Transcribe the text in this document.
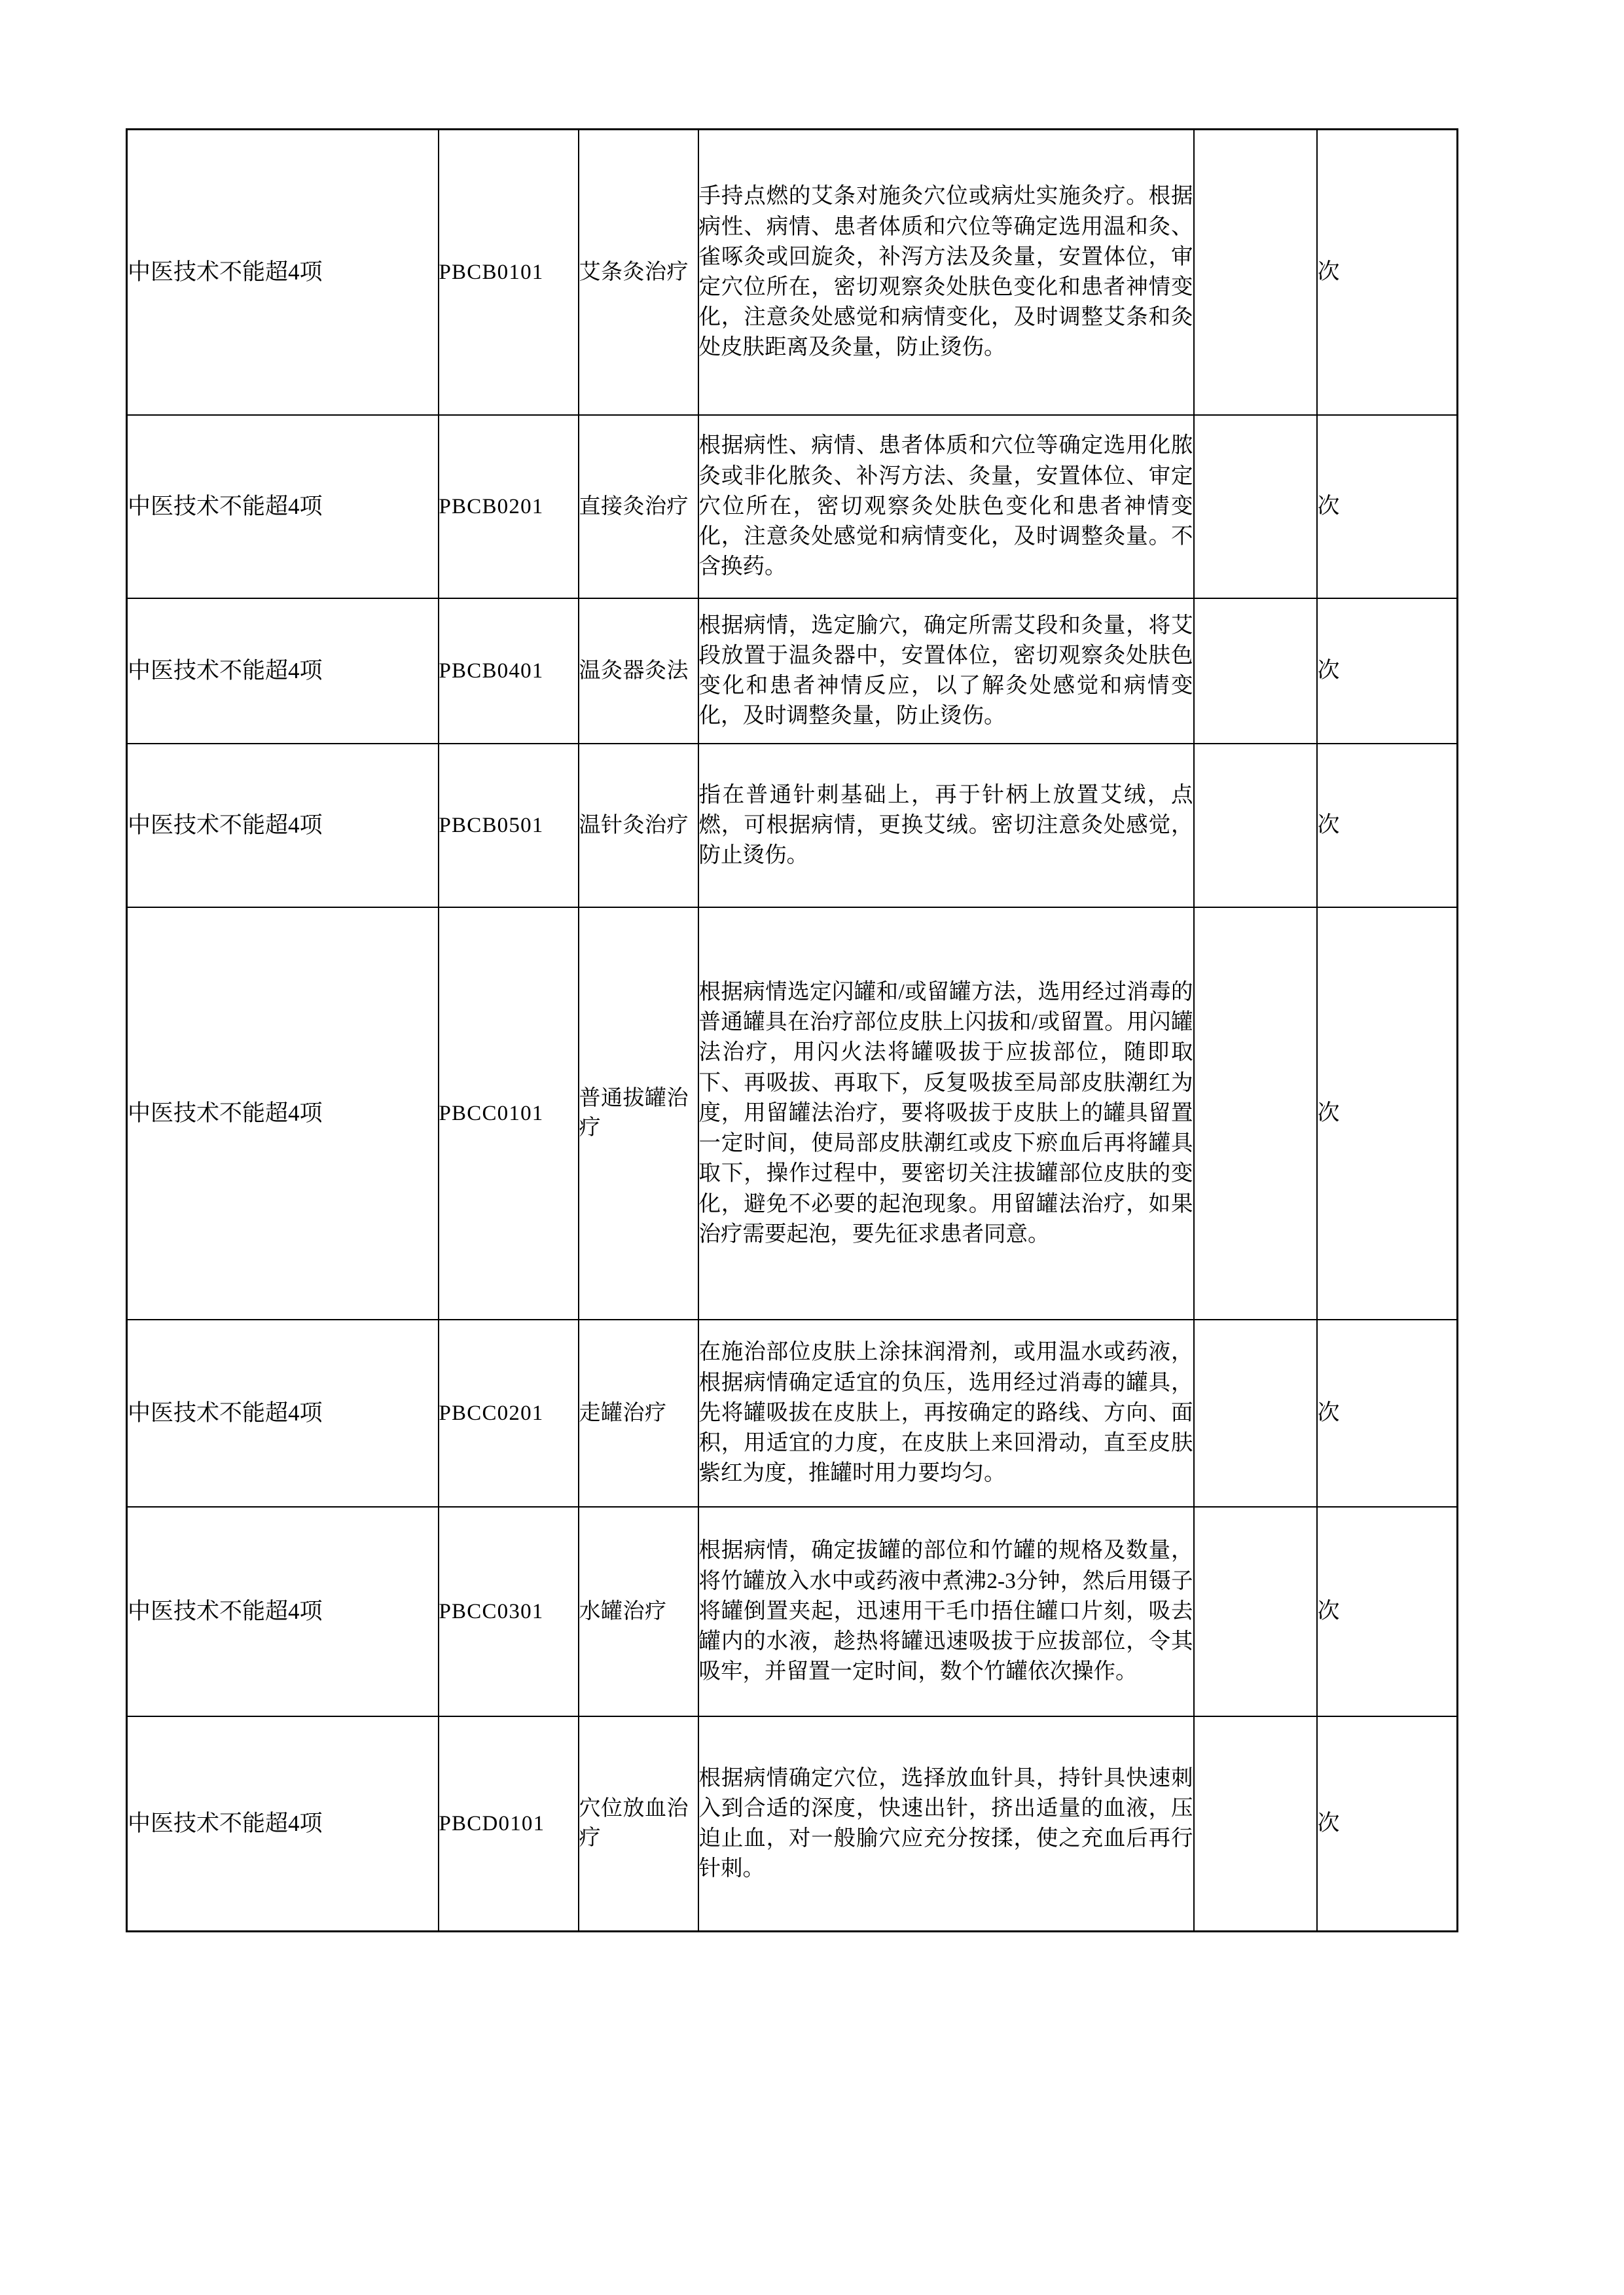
中医技术不能超4项	PBCB0101	艾条灸治疗	手持点燃的艾条对施灸穴位或病灶实施灸疗。根据病性、病情、患者体质和穴位等确定选用温和灸、雀啄灸或回旋灸，补泻方法及灸量，安置体位，审定穴位所在，密切观察灸处肤色变化和患者神情变化，注意灸处感觉和病情变化，及时调整艾条和灸处皮肤距离及灸量，防止烫伤。		次
中医技术不能超4项	PBCB0201	直接灸治疗	根据病性、病情、患者体质和穴位等确定选用化脓灸或非化脓灸、补泻方法、灸量，安置体位、审定穴位所在，密切观察灸处肤色变化和患者神情变化，注意灸处感觉和病情变化，及时调整灸量。不含换药。		次
中医技术不能超4项	PBCB0401	温灸器灸法	根据病情，选定腧穴，确定所需艾段和灸量，将艾段放置于温灸器中，安置体位，密切观察灸处肤色变化和患者神情反应，以了解灸处感觉和病情变化，及时调整灸量，防止烫伤。		次
中医技术不能超4项	PBCB0501	温针灸治疗	指在普通针刺基础上，再于针柄上放置艾绒，点燃，可根据病情，更换艾绒。密切注意灸处感觉，防止烫伤。		次
中医技术不能超4项	PBCC0101	普通拔罐治疗	根据病情选定闪罐和/或留罐方法，选用经过消毒的普通罐具在治疗部位皮肤上闪拔和/或留置。用闪罐法治疗，用闪火法将罐吸拔于应拔部位，随即取下、再吸拔、再取下，反复吸拔至局部皮肤潮红为度，用留罐法治疗，要将吸拔于皮肤上的罐具留置一定时间，使局部皮肤潮红或皮下瘀血后再将罐具取下，操作过程中，要密切关注拔罐部位皮肤的变化，避免不必要的起泡现象。用留罐法治疗，如果治疗需要起泡，要先征求患者同意。		次
中医技术不能超4项	PBCC0201	走罐治疗	在施治部位皮肤上涂抹润滑剂，或用温水或药液，根据病情确定适宜的负压，选用经过消毒的罐具，先将罐吸拔在皮肤上，再按确定的路线、方向、面积，用适宜的力度，在皮肤上来回滑动，直至皮肤紫红为度，推罐时用力要均匀。		次
中医技术不能超4项	PBCC0301	水罐治疗	根据病情，确定拔罐的部位和竹罐的规格及数量，将竹罐放入水中或药液中煮沸2-3分钟，然后用镊子将罐倒置夹起，迅速用干毛巾捂住罐口片刻，吸去罐内的水液，趁热将罐迅速吸拔于应拔部位，令其吸牢，并留置一定时间，数个竹罐依次操作。		次
中医技术不能超4项	PBCD0101	穴位放血治疗	根据病情确定穴位，选择放血针具，持针具快速刺入到合适的深度，快速出针，挤出适量的血液，压迫止血，对一般腧穴应充分按揉，使之充血后再行针刺。		次
